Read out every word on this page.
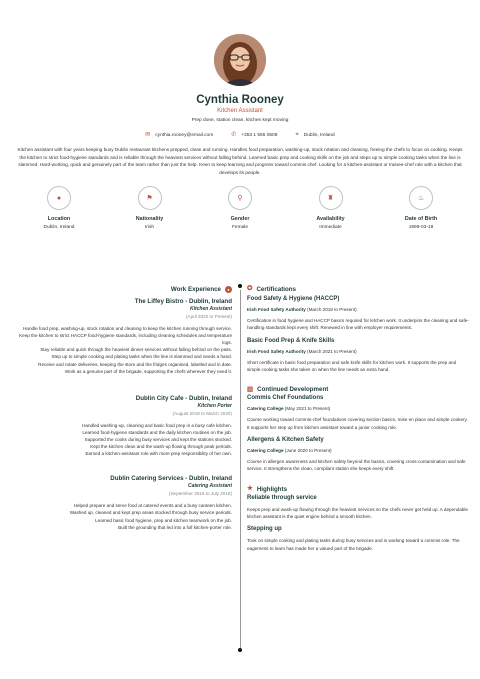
Cynthia Rooney
Kitchen Assistant
Prep done, station clean, kitchen kept moving
✉ cynthia.rooney@email.com	✆ +353 1 555 0508	⌖ Dublin, Ireland
Kitchen assistant with four years keeping busy Dublin restaurant kitchens prepped, clean and running. Handles food preparation, washing-up, stock rotation and cleaning, freeing the chefs to focus on cooking. Keeps the kitchen to strict food-hygiene standards and is reliable through the heaviest services without falling behind. Learned basic prep and cooking skills on the job and steps up to simple cooking tasks when the line is slammed. Hard-working, quick and genuinely part of the team rather than just the help. Keen to keep learning and progress toward commis chef. Looking for a kitchen-assistant or trainee-chef role with a kitchen that develops its people.
●
Location
Dublin, Ireland
⚑
Nationality
Irish
⚲
Gender
Female
♜
Availability
Immediate
♨
Date of Birth
1999-03-18
Work Experience	●
The Liffey Bistro - Dublin, Ireland
Kitchen Assistant
(April 2020 to Present)
Handle food prep, washing-up, stock rotation and cleaning to keep the kitchen running through service.
Keep the kitchen to strict HACCP food-hygiene standards, including cleaning schedules and temperature logs.
Stay reliable and quick through the heaviest dinner services without falling behind on the pass.
Step up to simple cooking and plating tasks when the line is slammed and needs a hand.
Receive and rotate deliveries, keeping the store and the fridges organised, labelled and in date.
Work as a genuine part of the brigade, supporting the chefs wherever they need it.
Dublin City Cafe - Dublin, Ireland
Kitchen Porter
(August 2018 to March 2020)
Handled washing-up, cleaning and basic food prep in a busy cafe kitchen.
Learned food-hygiene standards and the daily kitchen routines on the job.
Supported the cooks during busy services and kept the stations stocked.
Kept the kitchen clean and the wash-up flowing through peak periods.
Earned a kitchen-assistant role with more prep responsibility of her own.
Dublin Catering Services - Dublin, Ireland
Catering Assistant
(September 2016 to July 2018)
Helped prepare and serve food at catered events and a busy canteen kitchen.
Washed up, cleaned and kept prep areas stocked through busy service periods.
Learned basic food hygiene, prep and kitchen teamwork on the job.
Built the grounding that led into a full kitchen-porter role.
✪ Certifications
Food Safety & Hygiene (HACCP)
Irish Food Safety Authority (March 2019 to Present)
Certification in food hygiene and HACCP basics required for kitchen work. It underpins the cleaning and safe-handling standards kept every shift. Renewed in line with employer requirements.
Basic Food Prep & Knife Skills
Irish Food Safety Authority (March 2021 to Present)
Short certificate in basic food preparation and safe knife skills for kitchen work. It supports the prep and simple cooking tasks she takes on when the line needs an extra hand.
▥ Continued Development
Commis Chef Foundations
Catering College (May 2021 to Present)
Course working toward commis-chef foundations covering section basics, mise en place and simple cookery. It supports her step up from kitchen assistant toward a junior cooking role.
Allergens & Kitchen Safety
Catering College (June 2020 to Present)
Course in allergen awareness and kitchen safety beyond the basics, covering cross-contamination and safe service. It strengthens the clean, compliant station she keeps every shift.
★ Highlights
Reliable through service
Keeps prep and wash-up flowing through the heaviest services so the chefs never get held up. A dependable kitchen assistant is the quiet engine behind a smooth kitchen.
Stepping up
Took on simple cooking and plating tasks during busy services and is working toward a commis role. The eagerness to learn has made her a valued part of the brigade.
